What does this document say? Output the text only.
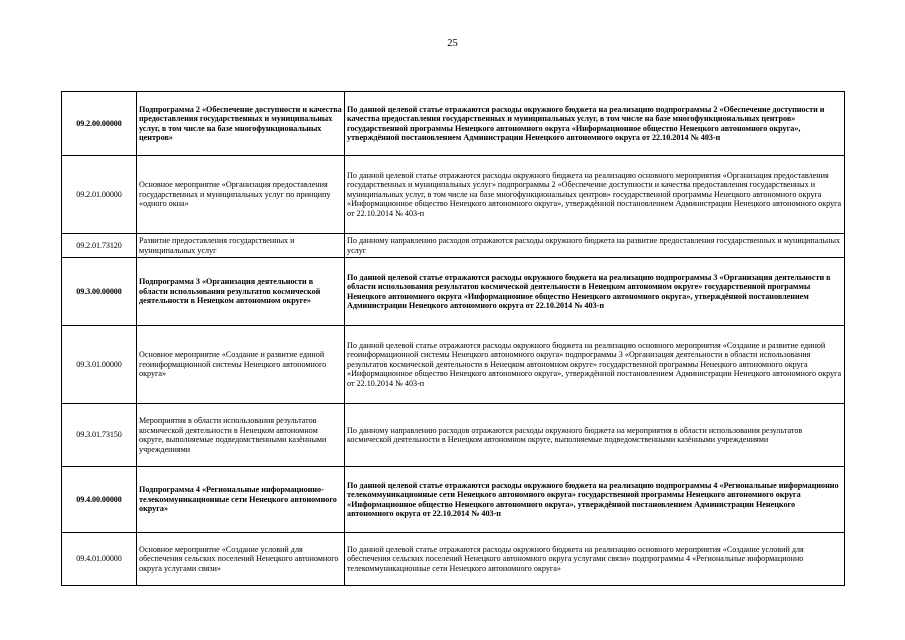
25
09.2.00.00000	Подпрограмма 2 «Обеспечение доступности и качества предоставления государственных и муниципальных услуг, в том числе на базе многофункциональных центров»	По данной целевой статье отражаются расходы окружного бюджета на реализацию подпрограммы 2 «Обеспечение доступности и качества предоставления государственных и муниципальных услуг, в том числе на базе многофункциональных центров» государственной программы Ненецкого автономного округа «Информационное общество Ненецкого автономного округа», утверждённой постановлением Администрации Ненецкого автономного округа от 22.10.2014 № 403-п
09.2.01.00000	Основное мероприятие «Организация предоставления государственных и муниципальных услуг по принципу «одного окна»	По данной целевой статье отражаются расходы окружного бюджета на реализацию основного мероприятия «Организация предоставления государственных и муниципальных услуг» подпрограммы 2 «Обеспечение доступности и качества предоставления государственных и муниципальных услуг, в том числе на базе многофункциональных центров» государственной программы Ненецкого автономного округа «Информационное общество Ненецкого автономного округа», утверждённой постановлением Администрации Ненецкого автономного округа от 22.10.2014 № 403-п
09.2.01.73120	Развитие предоставления государственных и муниципальных услуг	По данному направлению расходов отражаются расходы окружного бюджета на развитие предоставления государственных и муниципальных услуг
09.3.00.00000	Подпрограмма 3 «Организация деятельности в области использования результатов космической деятельности в Ненецком автономном округе»	По данной целевой статье отражаются расходы окружного бюджета на реализацию подпрограммы 3 «Организация деятельности в области использования результатов космической деятельности в Ненецком автономном округе» государственной программы Ненецкого автономного округа «Информационное общество Ненецкого автономного округа», утверждённой постановлением Администрации Ненецкого автономного округа от 22.10.2014 № 403-п
09.3.01.00000	Основное мероприятие «Создание и развитие единой геоинформационной системы Ненецкого автономного округа»	По данной целевой статье отражаются расходы окружного бюджета на реализацию основного мероприятия «Создание и развитие единой геоинформационной системы Ненецкого автономного округа» подпрограммы 3 «Организация деятельности в области использования результатов космической деятельности в Ненецком автономном округе» государственной программы Ненецкого автономного округа «Информационное общество Ненецкого автономного округа», утверждённой постановлением Администрации Ненецкого автономного округа от 22.10.2014 № 403-п
09.3.01.73150	Мероприятия в области использования результатов космической деятельности в Ненецком автономном округе, выполняемые подведомственными казёнными учреждениями	По данному направлению расходов отражаются расходы окружного бюджета на мероприятия в области использования результатов космической деятельности в Ненецком автономном округе, выполняемые подведомственными казёнными учреждениями
09.4.00.00000	Подпрограмма 4 «Региональные информационно-телекоммуникационные сети Ненецкого автономного округа»	По данной целевой статье отражаются расходы окружного бюджета на реализацию подпрограммы 4 «Региональные информационно телекоммуникационные сети Ненецкого автономного округа» государственной программы Ненецкого автономного округа «Информационное общество Ненецкого автономного округа», утверждённой постановлением Администрации Ненецкого автономного округа от 22.10.2014 № 403-п
09.4.01.00000	Основное мероприятие «Создание условий для обеспечения сельских поселений Ненецкого автономного округа услугами связи»	По данной целевой статье отражаются расходы окружного бюджета на реализацию основного мероприятия «Создание условий для обеспечения сельских поселений Ненецкого автономного округа услугами связи» подпрограммы 4 «Региональные информационно телекоммуникационные сети Ненецкого автономного округа»
